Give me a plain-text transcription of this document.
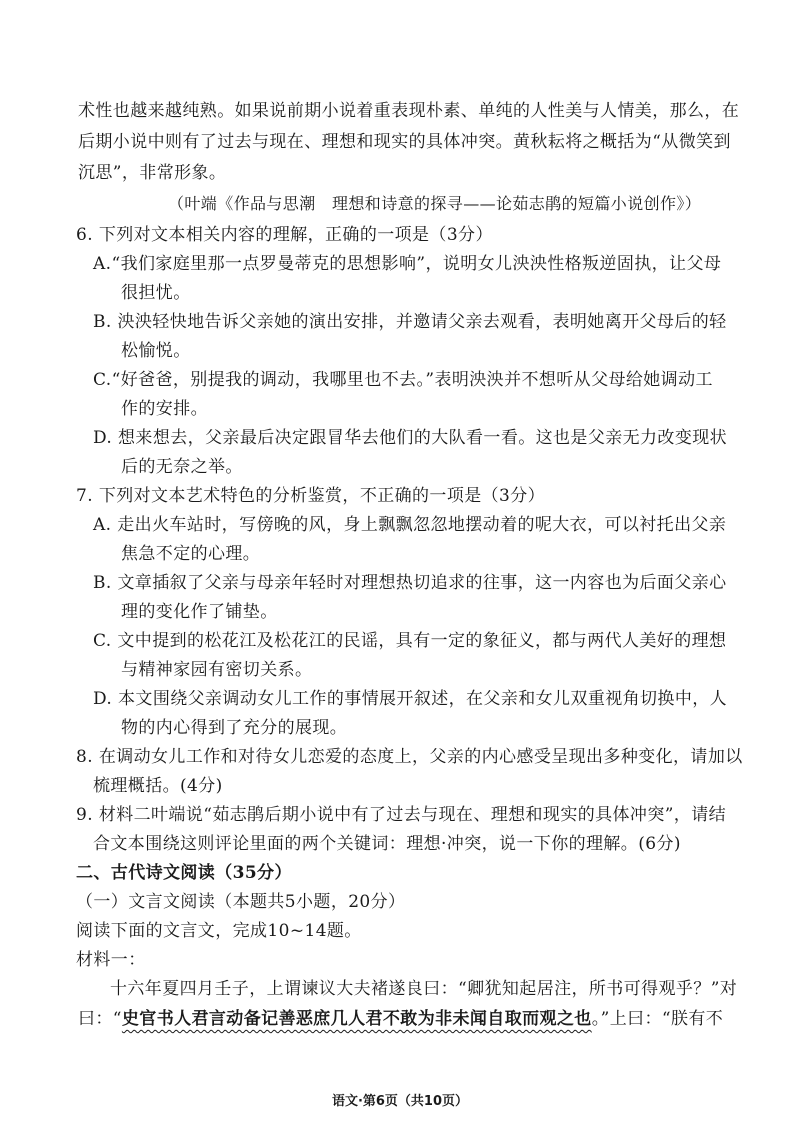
术性也越来越纯熟。如果说前期小说着重表现朴素、单纯的人性美与人情美，那么，在
后期小说中则有了过去与现在、理想和现实的具体冲突。黄秋耘将之概括为“从微笑到
沉思”，非常形象。
（叶端《作品与思潮　理想和诗意的探寻——论茹志鹃的短篇小说创作》）
6. 下列对文本相关内容的理解，正确的一项是（3分）
A.“我们家庭里那一点罗曼蒂克的思想影响”，说明女儿泱泱性格叛逆固执，让父母
很担忧。
B. 泱泱轻快地告诉父亲她的演出安排，并邀请父亲去观看，表明她离开父母后的轻
松愉悦。
C.“好爸爸，别提我的调动，我哪里也不去。”表明泱泱并不想听从父母给她调动工
作的安排。
D. 想来想去，父亲最后决定跟冒华去他们的大队看一看。这也是父亲无力改变现状
后的无奈之举。
7. 下列对文本艺术特色的分析鉴赏，不正确的一项是（3分）
A. 走出火车站时，写傍晚的风，身上飘飘忽忽地摆动着的呢大衣，可以衬托出父亲
焦急不定的心理。
B. 文章插叙了父亲与母亲年轻时对理想热切追求的往事，这一内容也为后面父亲心
理的变化作了铺垫。
C. 文中提到的松花江及松花江的民谣，具有一定的象征义，都与两代人美好的理想
与精神家园有密切关系。
D. 本文围绕父亲调动女儿工作的事情展开叙述，在父亲和女儿双重视角切换中，人
物的内心得到了充分的展现。
8. 在调动女儿工作和对待女儿恋爱的态度上，父亲的内心感受呈现出多种变化，请加以
梳理概括。(4分)
9. 材料二叶端说“茹志鹃后期小说中有了过去与现在、理想和现实的具体冲突”，请结
合文本围绕这则评论里面的两个关键词：理想·冲突，说一下你的理解。(6分)
二、古代诗文阅读（35分）
（一）文言文阅读（本题共5小题，20分）
阅读下面的文言文，完成10~14题。
材料一：
十六年夏四月壬子，上谓谏议大夫褚遂良曰：“卿犹知起居注，所书可得观乎？”对
曰：“史官书人君言动备记善恶庶几人君不敢为非未闻自取而观之也。”上曰：“朕有不
语文·第6页（共10页）
